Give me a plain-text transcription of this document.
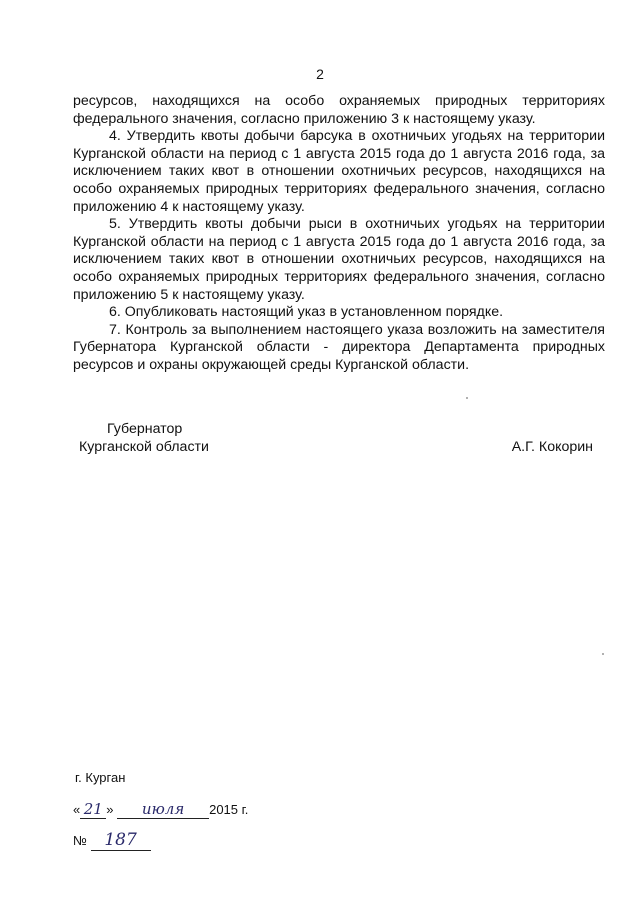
2

ресурсов, находящихся на особо охраняемых природных территориях федерального значения, согласно приложению 3 к настоящему указу.

4. Утвердить квоты добычи барсука в охотничьих угодьях на территории Курганской области на период с 1 августа 2015 года до 1 августа 2016 года, за исключением таких квот в отношении охотничьих ресурсов, находящихся на особо охраняемых природных территориях федерального значения, согласно приложению 4 к настоящему указу.

5. Утвердить квоты добычи рыси в охотничьих угодьях на территории Курганской области на период с 1 августа 2015 года до 1 августа 2016 года, за исключением таких квот в отношении охотничьих ресурсов, находящихся на особо охраняемых природных территориях федерального значения, согласно приложению 5 к настоящему указу.

6. Опубликовать настоящий указ в установленном порядке.

7. Контроль за выполнением настоящего указа возложить на заместителя Губернатора Курганской области - директора Департамента природных ресурсов и охраны окружающей среды Курганской области.

Губернатор
Курганской области	А.Г. Кокорин
г. Курган
« 21 » июля 2015 г.
№ 187
